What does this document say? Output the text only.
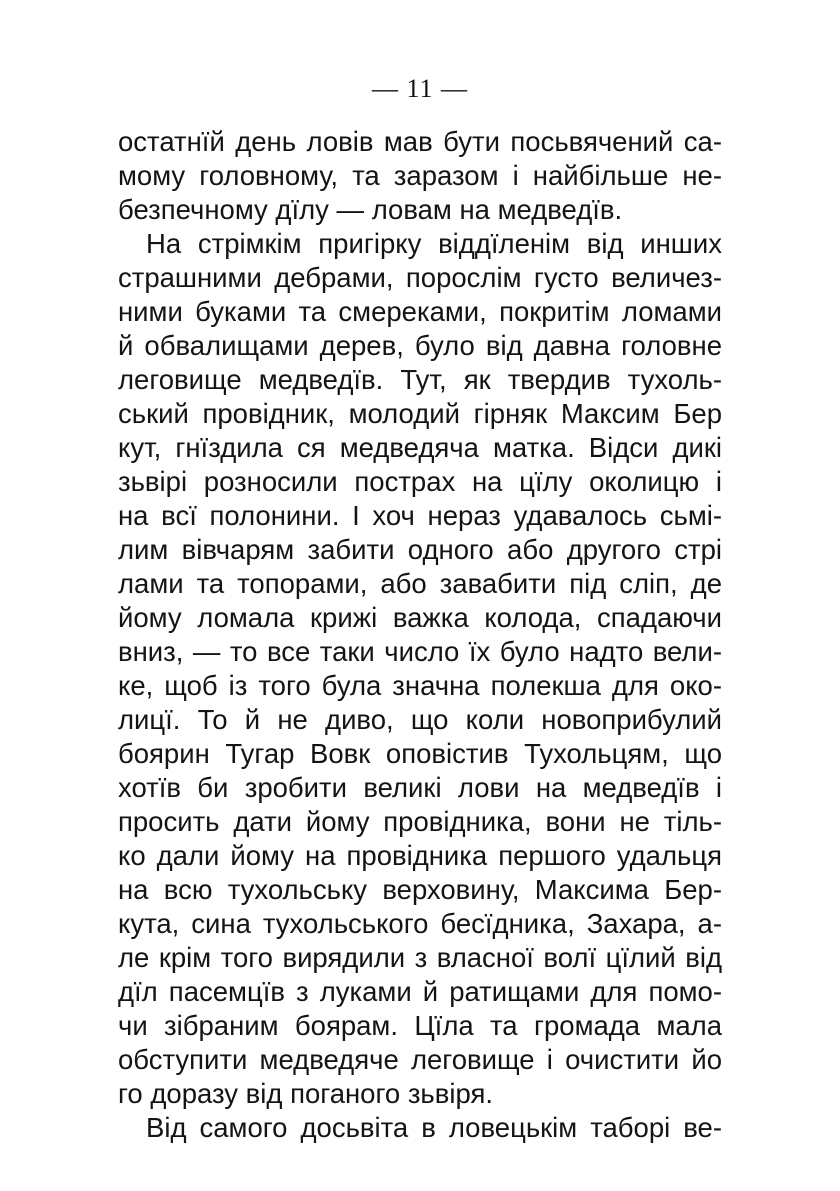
— 11 —
остатнїй день ловів мав бути посьвячений са-
мому головному, та заразом і найбільше не-
безпечному дїлу — ловам на медведїв.
На стрімкім пригірку віддїленім від инших
страшними дебрами, порослім густо величез-
ними буками та смереками, покритім ломами
й обвалищами дерев, було від давна головне
леговище медведїв. Тут, як твердив тухоль-
ський провідник, молодий гірняк Максим Бер
кут, гнїздила ся медведяча матка. Відси дикі
зьвірі розносили пострах на цїлу околицю і
на всї полонини. І хоч нераз удавалось сьмі-
лим вівчарям забити одного або другого стрі
лами та топорами, або завабити під сліп, де
йому ломала крижі важка колода, спадаючи
вниз, — то все таки число їх було надто вели-
ке, щоб із того була значна полекша для око-
лицї. То й не диво, що коли новоприбулий
боярин Тугар Вовк оповістив Тухольцям, що
хотїв би зробити великі лови на медведїв і
просить дати йому провідника, вони не тіль-
ко дали йому на провідника першого удальця
на всю тухольську верховину, Максима Бер-
кута, сина тухольського бесїдника, Захара, а-
ле крім того вирядили з власної волї цїлий від
дїл пасемцїв з луками й ратищами для помо-
чи зібраним боярам. Цїла та громада мала
обступити медведяче леговище і очистити йо
го доразу від поганого зьвіря.
Від самого досьвіта в ловецькім таборі ве-
